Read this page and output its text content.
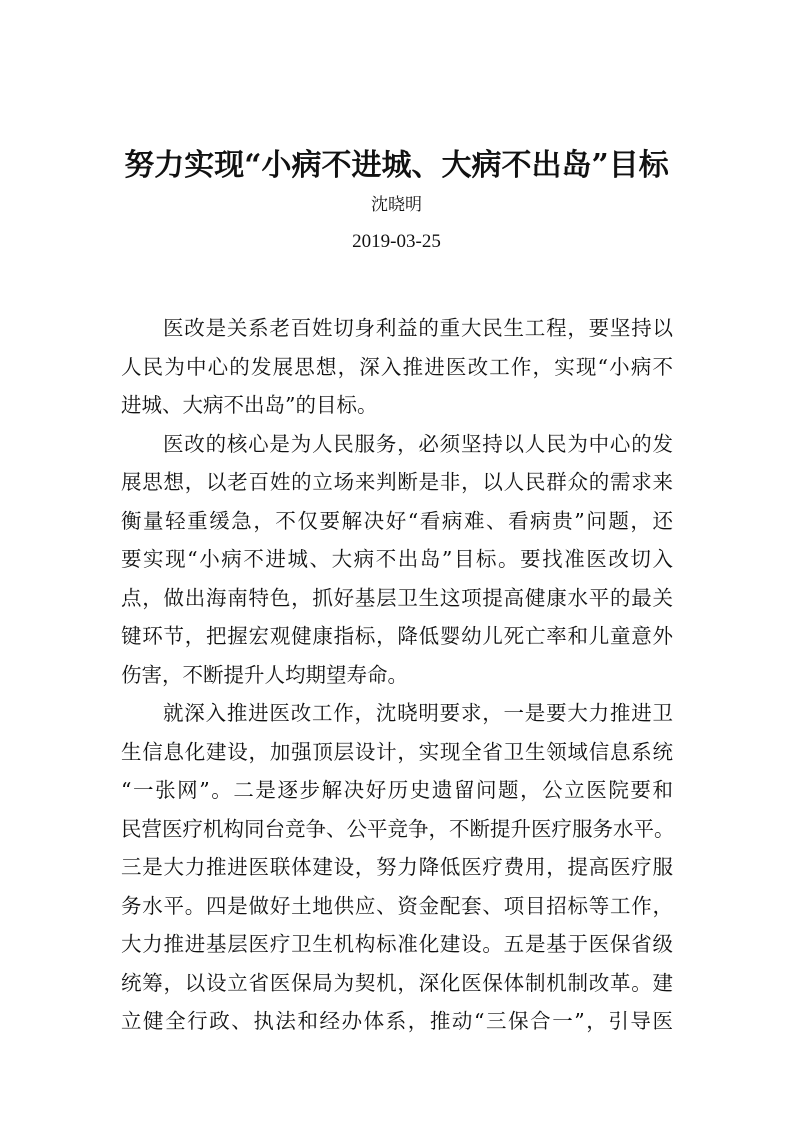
努力实现“小病不进城、大病不出岛”目标
沈晓明
2019-03-25
医改是关系老百姓切身利益的重大民生工程，要坚持以
人民为中心的发展思想，深入推进医改工作，实现“小病不
进城、大病不出岛”的目标。
医改的核心是为人民服务，必须坚持以人民为中心的发
展思想，以老百姓的立场来判断是非，以人民群众的需求来
衡量轻重缓急，不仅要解决好“看病难、看病贵”问题，还
要实现“小病不进城、大病不出岛”目标。要找准医改切入
点，做出海南特色，抓好基层卫生这项提高健康水平的最关
键环节，把握宏观健康指标，降低婴幼儿死亡率和儿童意外
伤害，不断提升人均期望寿命。
就深入推进医改工作，沈晓明要求，一是要大力推进卫
生信息化建设，加强顶层设计，实现全省卫生领域信息系统
“一张网”。二是逐步解决好历史遗留问题，公立医院要和
民营医疗机构同台竞争、公平竞争，不断提升医疗服务水平。
三是大力推进医联体建设，努力降低医疗费用，提高医疗服
务水平。四是做好土地供应、资金配套、项目招标等工作，
大力推进基层医疗卫生机构标准化建设。五是基于医保省级
统筹，以设立省医保局为契机，深化医保体制机制改革。建
立健全行政、执法和经办体系，推动“三保合一”，引导医
